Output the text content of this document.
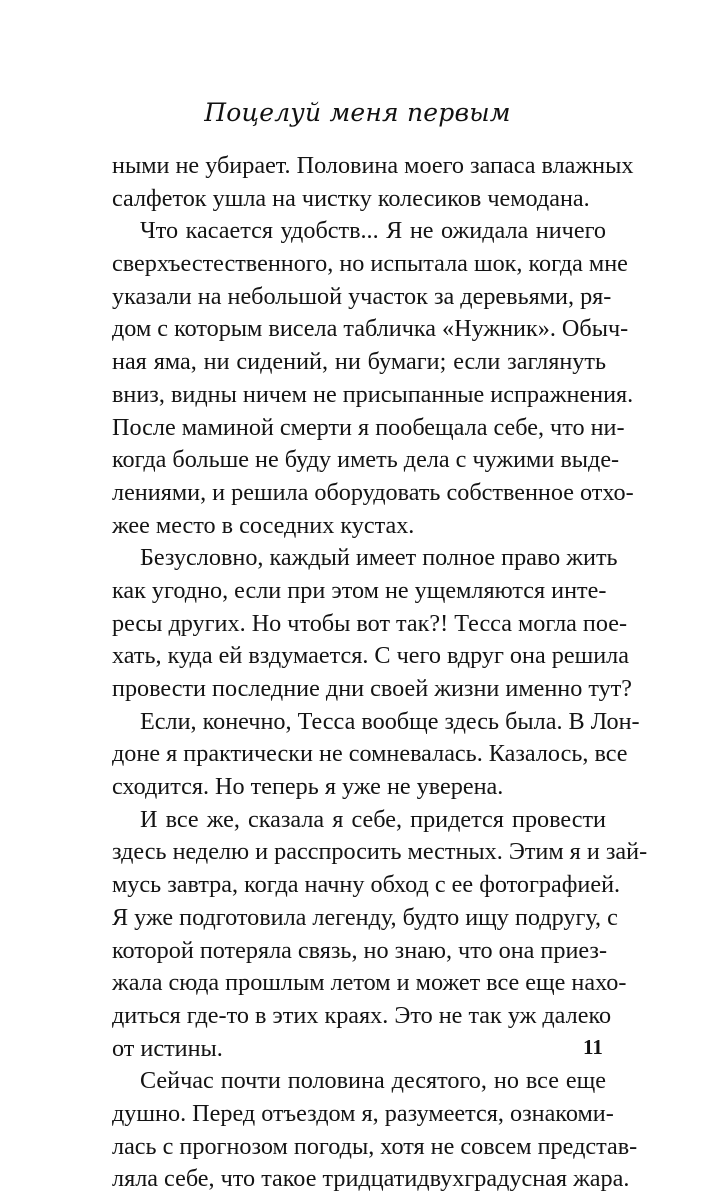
Поцелуй меня первым
ными не убирает. Половина моего запаса влажных
салфеток ушла на чистку колесиков чемодана.
Что касается удобств... Я не ожидала ничего
сверхъестественного, но испытала шок, когда мне
указали на небольшой участок за деревьями, ря-
дом с которым висела табличка «Нужник». Обыч-
ная яма, ни сидений, ни бумаги; если заглянуть
вниз, видны ничем не присыпанные испражнения.
После маминой смерти я пообещала себе, что ни-
когда больше не буду иметь дела с чужими выде-
лениями, и решила оборудовать собственное отхо-
жее место в соседних кустах.
Безусловно, каждый имеет полное право жить
как угодно, если при этом не ущемляются инте-
ресы других. Но чтобы вот так?! Тесса могла пое-
хать, куда ей вздумается. С чего вдруг она решила
провести последние дни своей жизни именно тут?
Если, конечно, Тесса вообще здесь была. В Лон-
доне я практически не сомневалась. Казалось, все
сходится. Но теперь я уже не уверена.
И все же, сказала я себе, придется провести
здесь неделю и расспросить местных. Этим я и зай-
мусь завтра, когда начну обход с ее фотографией.
Я уже подготовила легенду, будто ищу подругу, с
которой потеряла связь, но знаю, что она приез-
жала сюда прошлым летом и может все еще нахо-
диться где-то в этих краях. Это не так уж далеко
от истины.
Сейчас почти половина десятого, но все еще
душно. Перед отъездом я, разумеется, ознакоми-
лась с прогнозом погоды, хотя не совсем представ-
ляла себе, что такое тридцатидвухградусная жара.
11
